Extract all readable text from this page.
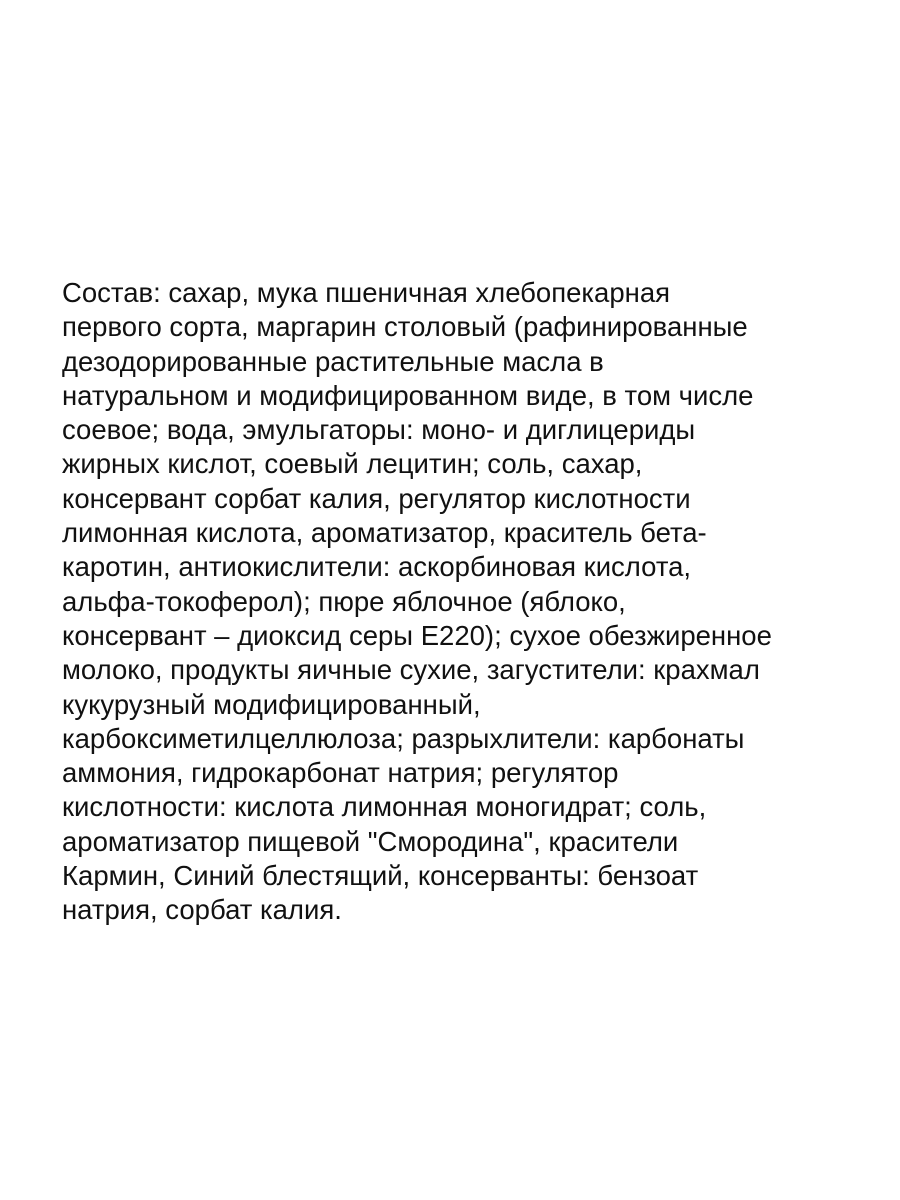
Состав: сахар, мука пшеничная хлебопекарная
первого сорта, маргарин столовый (рафинированные
дезодорированные растительные масла в
натуральном и модифицированном виде, в том числе
соевое; вода, эмульгаторы: моно- и диглицериды
жирных кислот, соевый лецитин; соль, сахар,
консервант сорбат калия, регулятор кислотности
лимонная кислота, ароматизатор, краситель бета-
каротин, антиокислители: аскорбиновая кислота,
альфа-токоферол); пюре яблочное (яблоко,
консервант – диоксид серы Е220); сухое обезжиренное
молоко, продукты яичные сухие, загустители: крахмал
кукурузный модифицированный,
карбоксиметилцеллюлоза; разрыхлители: карбонаты
аммония, гидрокарбонат натрия; регулятор
кислотности: кислота лимонная моногидрат; соль,
ароматизатор пищевой "Смородина", красители
Кармин, Синий блестящий, консерванты: бензоат
натрия, сорбат калия.
